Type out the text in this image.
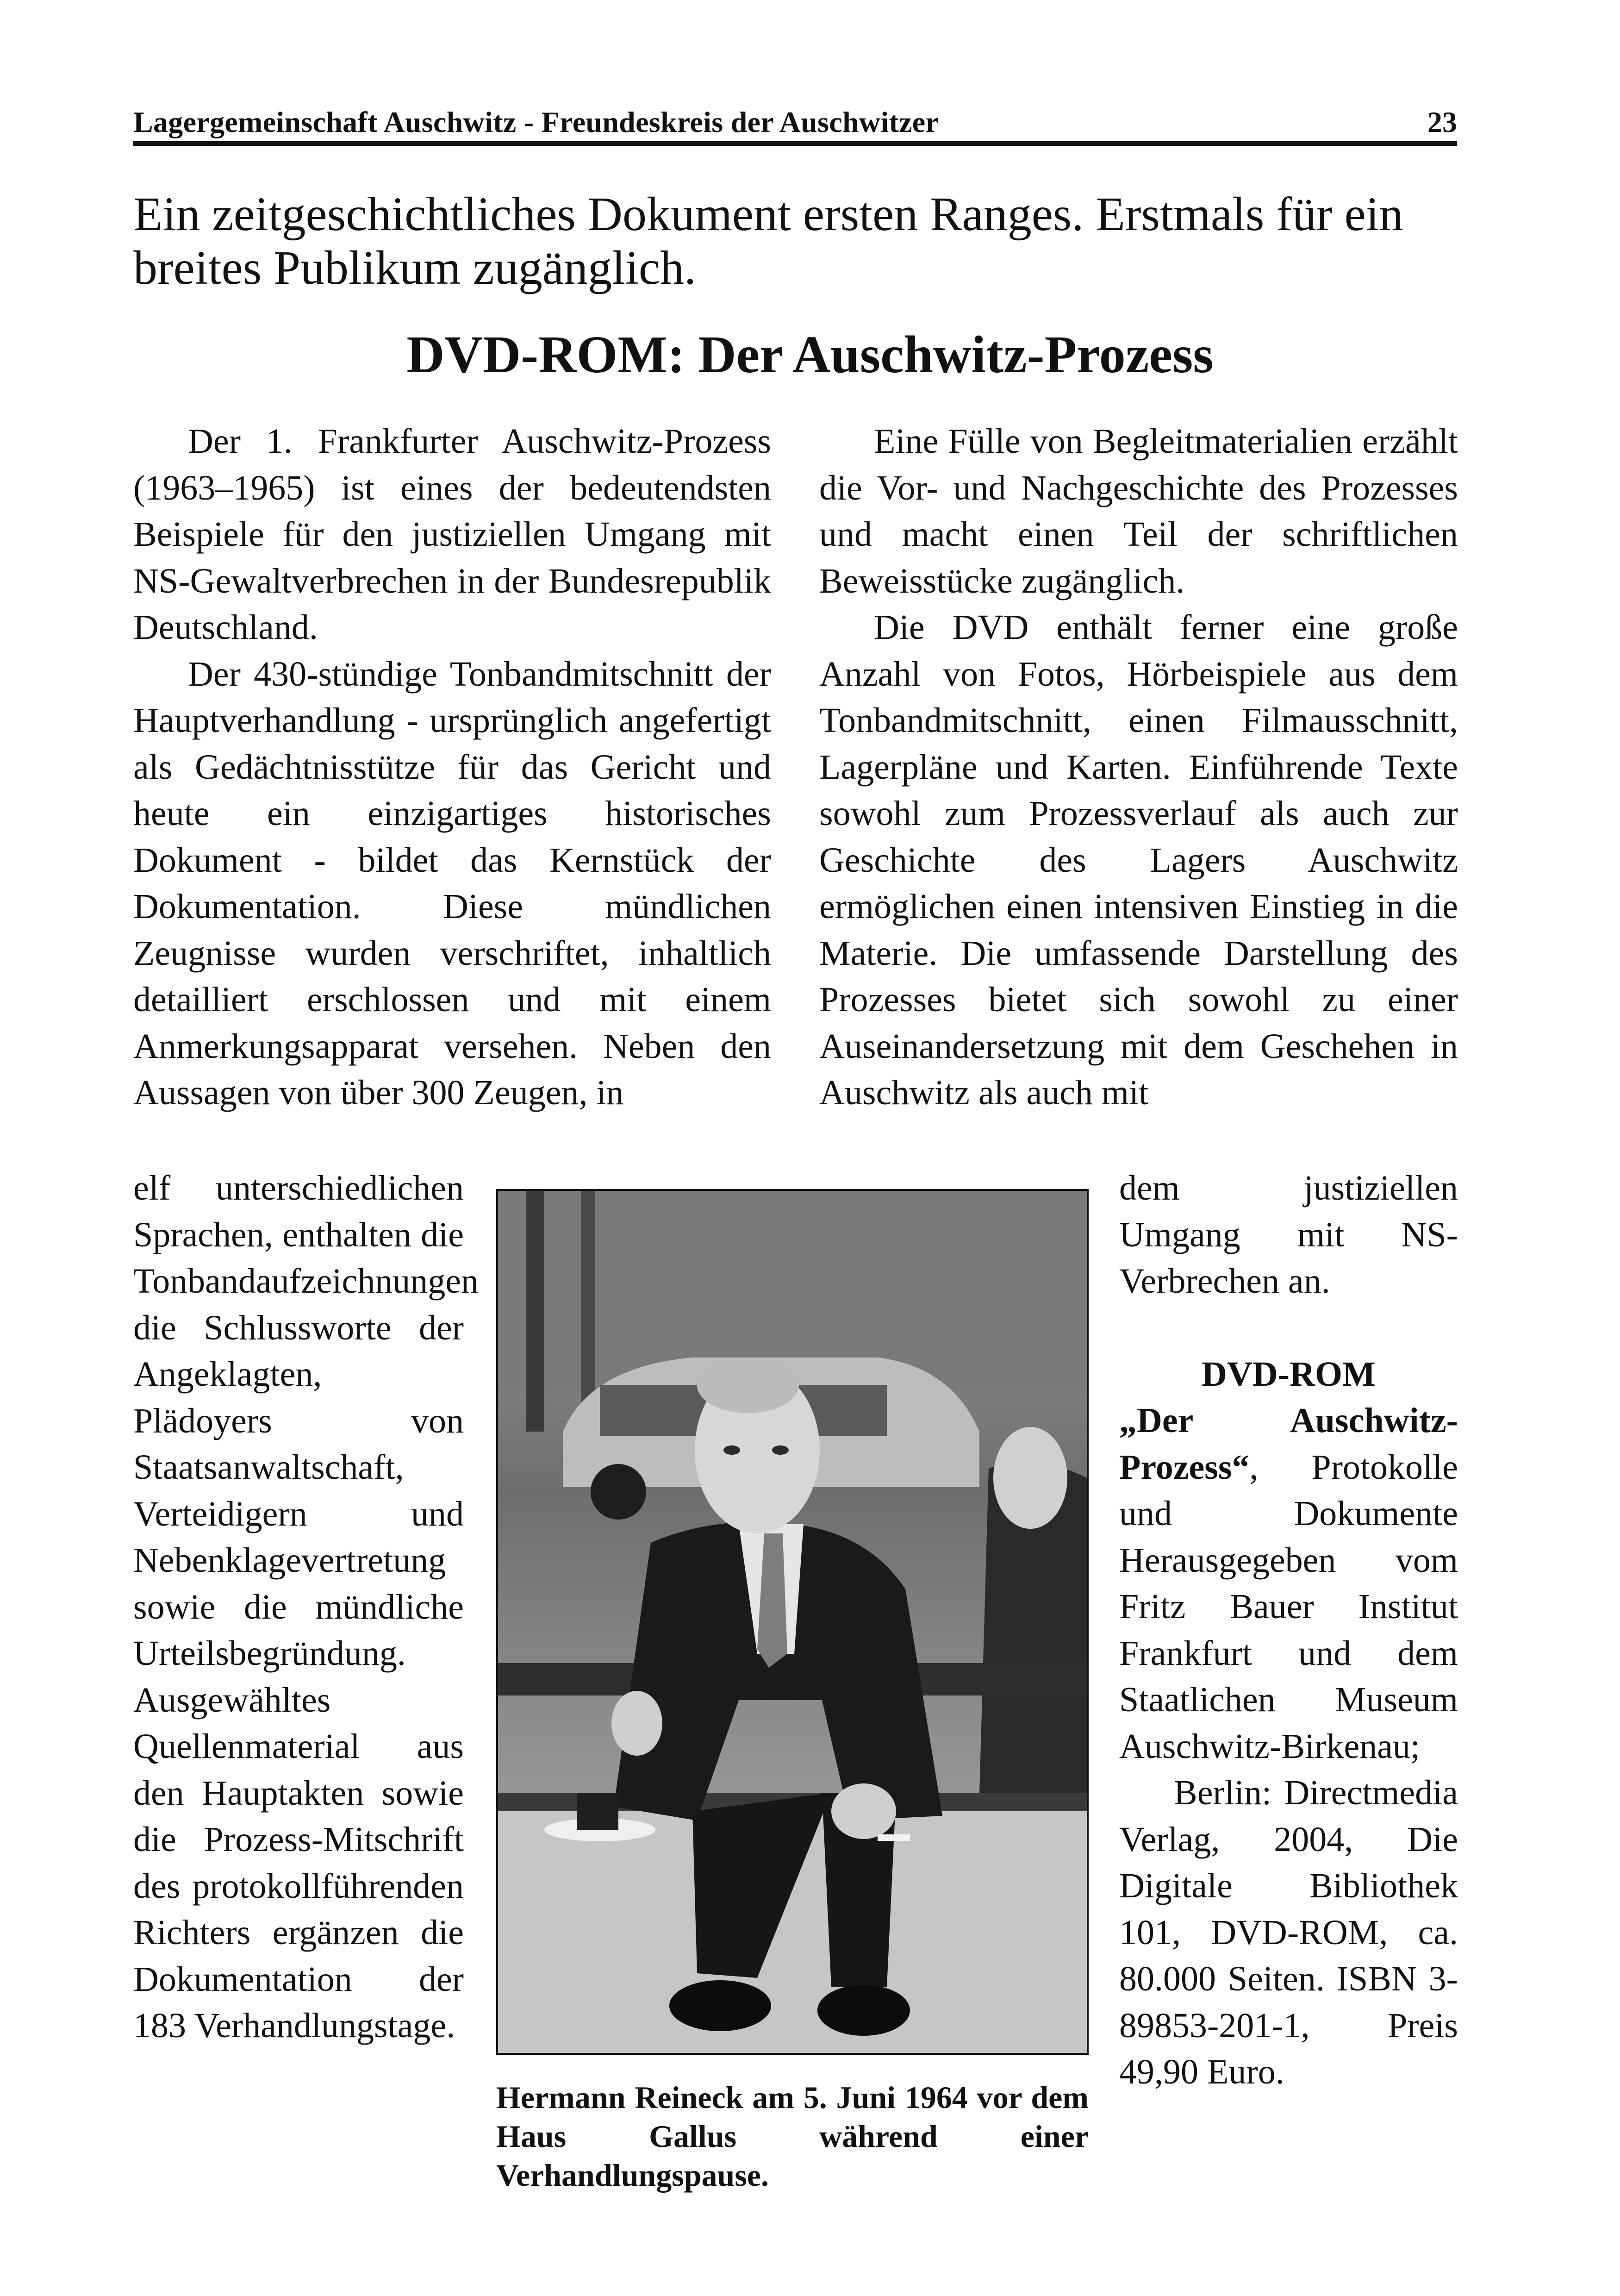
Lagergemeinschaft Auschwitz - Freundeskreis der Auschwitzer	23
Ein zeitgeschichtliches Dokument ersten Ranges. Erstmals für ein breites Publikum zugänglich.
DVD-ROM: Der Auschwitz-Prozess

Der 1. Frankfurter Auschwitz-Prozess (1963–1965) ist eines der bedeutendsten Beispiele für den justiziellen Umgang mit NS-Gewaltverbrechen in der Bundesrepublik Deutschland.

Der 430-stündige Tonbandmitschnitt der Hauptverhandlung - ursprünglich angefertigt als Gedächtnisstütze für das Gericht und heute ein einzigartiges historisches Dokument - bildet das Kernstück der Dokumentation. Diese mündlichen Zeugnisse wurden verschriftet, inhaltlich detailliert erschlossen und mit einem Anmerkungsapparat versehen. Neben den Aussagen von über 300 Zeugen, in

elf unterschiedlichen Sprachen, enthalten die Tonbandaufzeichnungen die Schlussworte der Angeklagten, Plädoyers von Staatsanwaltschaft, Verteidigern und Nebenklagevertretung sowie die mündliche Urteilsbegründung.

Ausgewähltes Quellenmaterial aus den Hauptakten sowie die Prozess-Mitschrift des protokollführenden Richters ergänzen die Dokumentation der 183 Verhandlungstage.

Eine Fülle von Begleitmaterialien erzählt die Vor- und Nachgeschichte des Prozesses und macht einen Teil der schriftlichen Beweisstücke zugänglich.

Die DVD enthält ferner eine große Anzahl von Fotos, Hörbeispiele aus dem Tonbandmitschnitt, einen Filmausschnitt, Lagerpläne und Karten. Einführende Texte sowohl zum Prozessverlauf als auch zur Geschichte des Lagers Auschwitz ermöglichen einen intensiven Einstieg in die Materie. Die umfassende Darstellung des Prozesses bietet sich sowohl zu einer Auseinandersetzung mit dem Geschehen in Auschwitz als auch mit

dem justiziellen Umgang mit NS-Verbrechen an.

DVD-ROM

„Der Auschwitz-Prozess“, Protokolle und Dokumente Herausgegeben vom Fritz Bauer Institut Frankfurt und dem Staatlichen Museum Auschwitz-Birkenau;

Berlin: Directmedia Verlag, 2004, Die Digitale Bibliothek 101, DVD-ROM, ca. 80.000 Seiten. ISBN 3-89853-201-1, Preis 49,90 Euro.

Hermann Reineck am 5. Juni 1964 vor dem Haus Gallus während einer Verhandlungspause.
